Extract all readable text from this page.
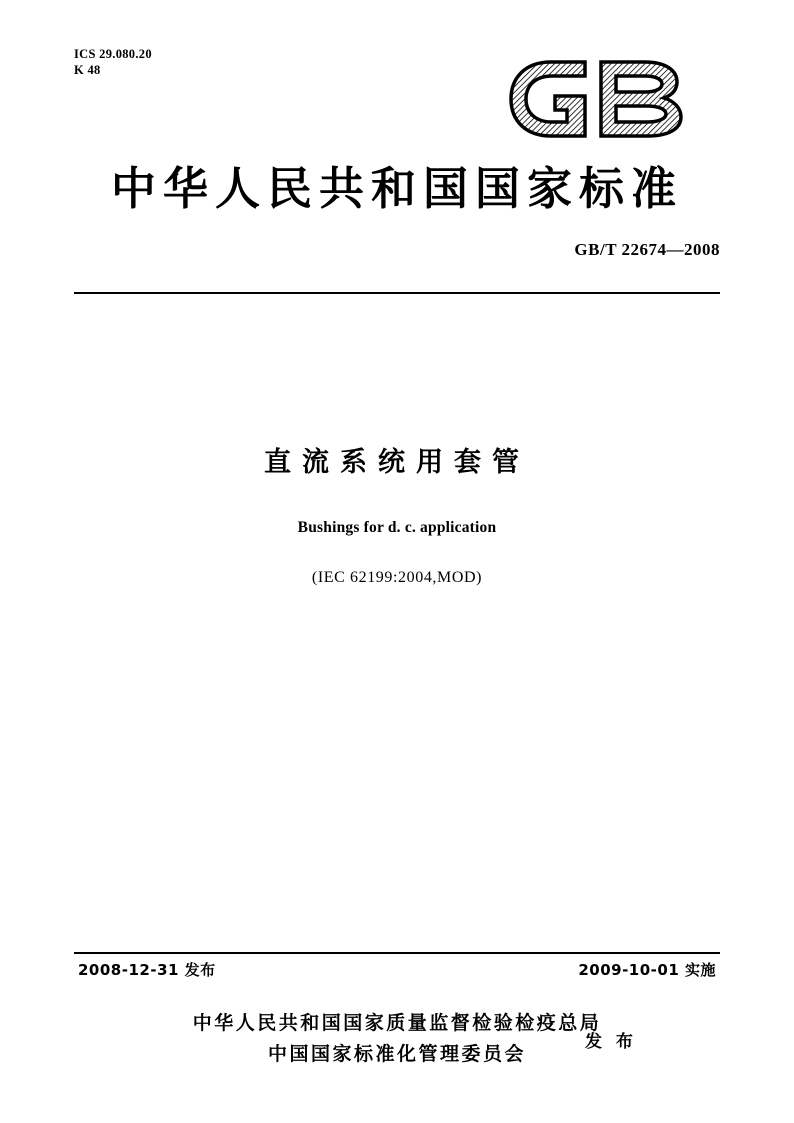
ICS 29.080.20
K 48
中华人民共和国国家标准
GB/T 22674—2008
直流系统用套管
Bushings for d. c. application
(IEC 62199:2004,MOD)
2008-12-31 发布	2009-10-01 实施
中华人民共和国国家质量监督检验检疫总局
中国国家标准化管理委员会
发 布
